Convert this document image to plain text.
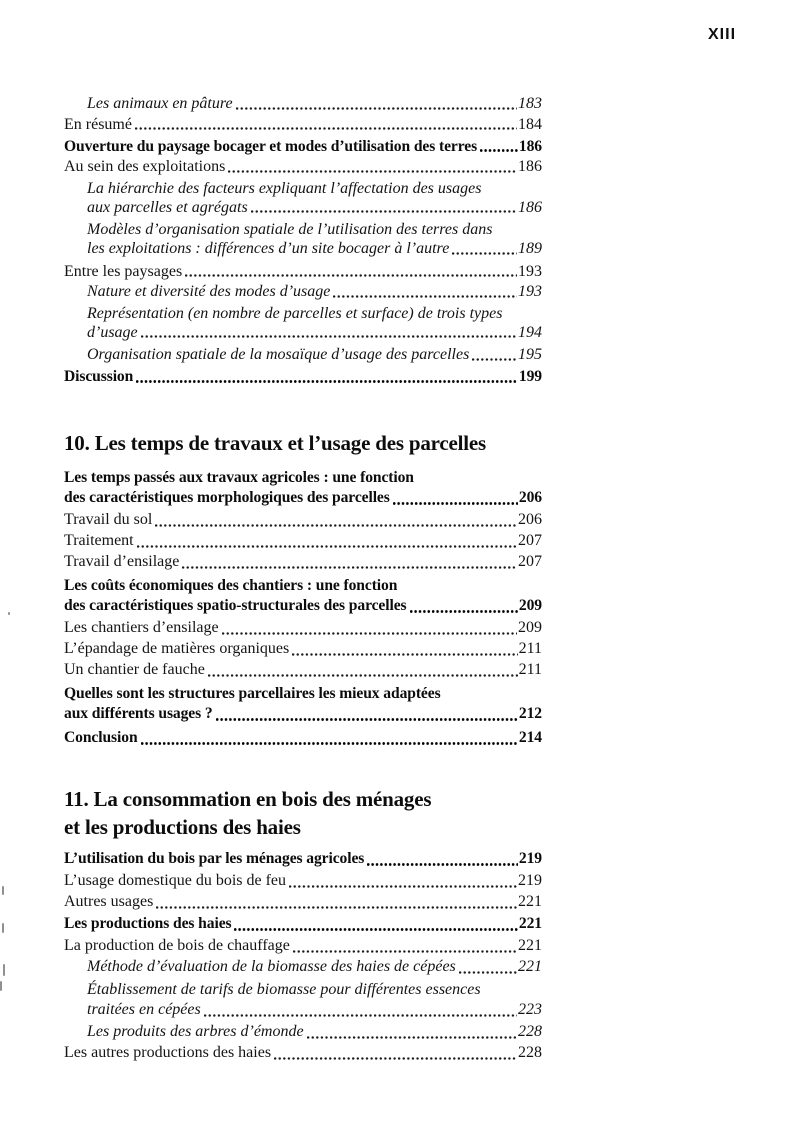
XIII
Les animaux en pâture	183
En résumé	184
Ouverture du paysage bocager et modes d’utilisation des terres	186
Au sein des exploitations	186
La hiérarchie des facteurs expliquant l’affectation des usages
aux parcelles et agrégats	186
Modèles d’organisation spatiale de l’utilisation des terres dans
les exploitations : différences d’un site bocager à l’autre	189
Entre les paysages	193
Nature et diversité des modes d’usage	193
Représentation (en nombre de parcelles et surface) de trois types
d’usage	194
Organisation spatiale de la mosaïque d’usage des parcelles	195
Discussion	199
10. Les temps de travaux et l’usage des parcelles
Les temps passés aux travaux agricoles : une fonction
des caractéristiques morphologiques des parcelles	206
Travail du sol	206
Traitement	207
Travail d’ensilage	207
Les coûts économiques des chantiers : une fonction
des caractéristiques spatio-structurales des parcelles	209
Les chantiers d’ensilage	209
L’épandage de matières organiques	211
Un chantier de fauche	211
Quelles sont les structures parcellaires les mieux adaptées
aux différents usages ?	212
Conclusion	214
11. La consommation en bois des ménages
et les productions des haies
L’utilisation du bois par les ménages agricoles	219
L’usage domestique du bois de feu	219
Autres usages	221
Les productions des haies	221
La production de bois de chauffage	221
Méthode d’évaluation de la biomasse des haies de cépées	221
Établissement de tarifs de biomasse pour différentes essences
traitées en cépées	223
Les produits des arbres d’émonde	228
Les autres productions des haies	228
